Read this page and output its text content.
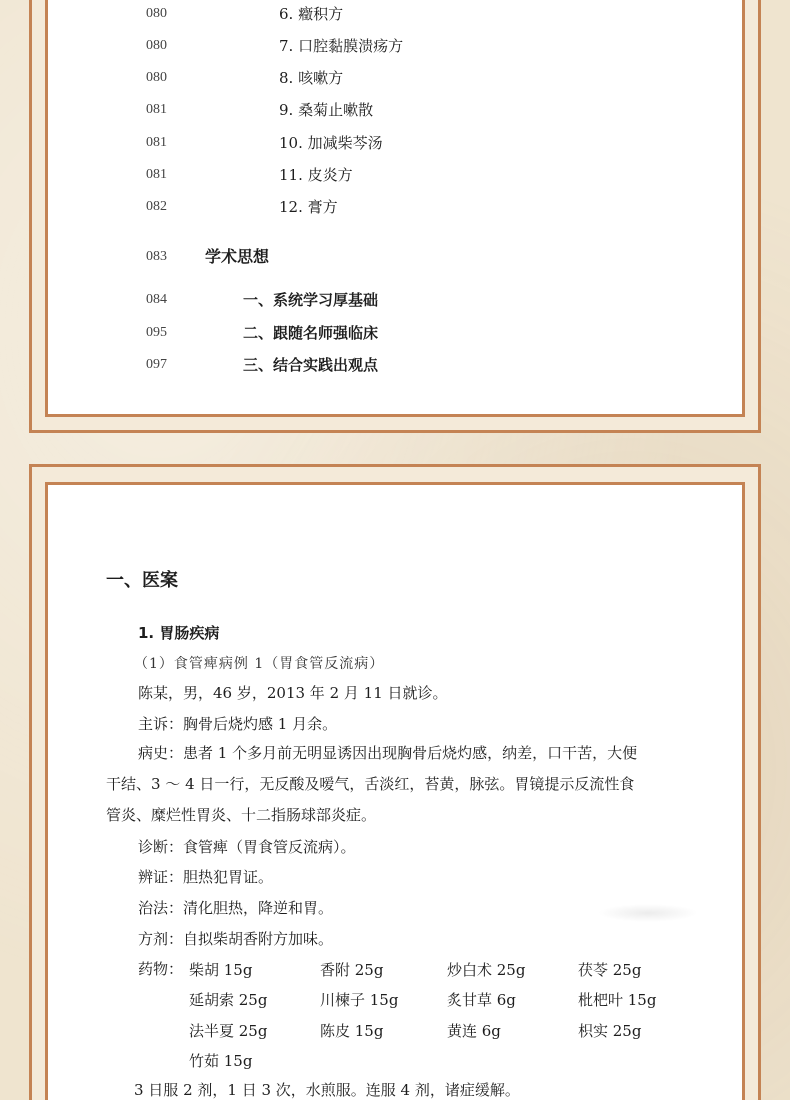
080	6. 癥积方
080	7. 口腔黏膜溃疡方
080	8. 咳嗽方
081	9. 桑菊止嗽散
081	10. 加减柴芩汤
081	11. 皮炎方
082	12. 膏方
083 学术思想
084	一、系统学习厚基础
095	二、跟随名师强临床
097	三、结合实践出观点
一、医案
1. 胃肠疾病
（1）食管痺病例 1（胃食管反流病）
陈某，男，46 岁，2013 年 2 月 11 日就诊。
主诉：胸骨后烧灼感 1 月余。
病史：患者 1 个多月前无明显诱因出现胸骨后烧灼感，纳差，口干苦，大便
干结、3 ～ 4 日一行，无反酸及嗳气，舌淡红，苔黄，脉弦。胃镜提示反流性食
管炎、糜烂性胃炎、十二指肠球部炎症。
诊断：食管痺（胃食管反流病）。
辨证：胆热犯胃证。
治法：清化胆热，降逆和胃。
方剂：自拟柴胡香附方加味。
药物： 柴胡 15g	香附 25g	炒白术 25g	茯苓 25g
延胡索 25g	川楝子 15g	炙甘草 6g	枇杷叶 15g
法半夏 25g	陈皮 15g	黄连 6g	枳实 25g
竹茹 15g
3 日服 2 剂，1 日 3 次，水煎服。连服 4 剂，诸症缓解。
